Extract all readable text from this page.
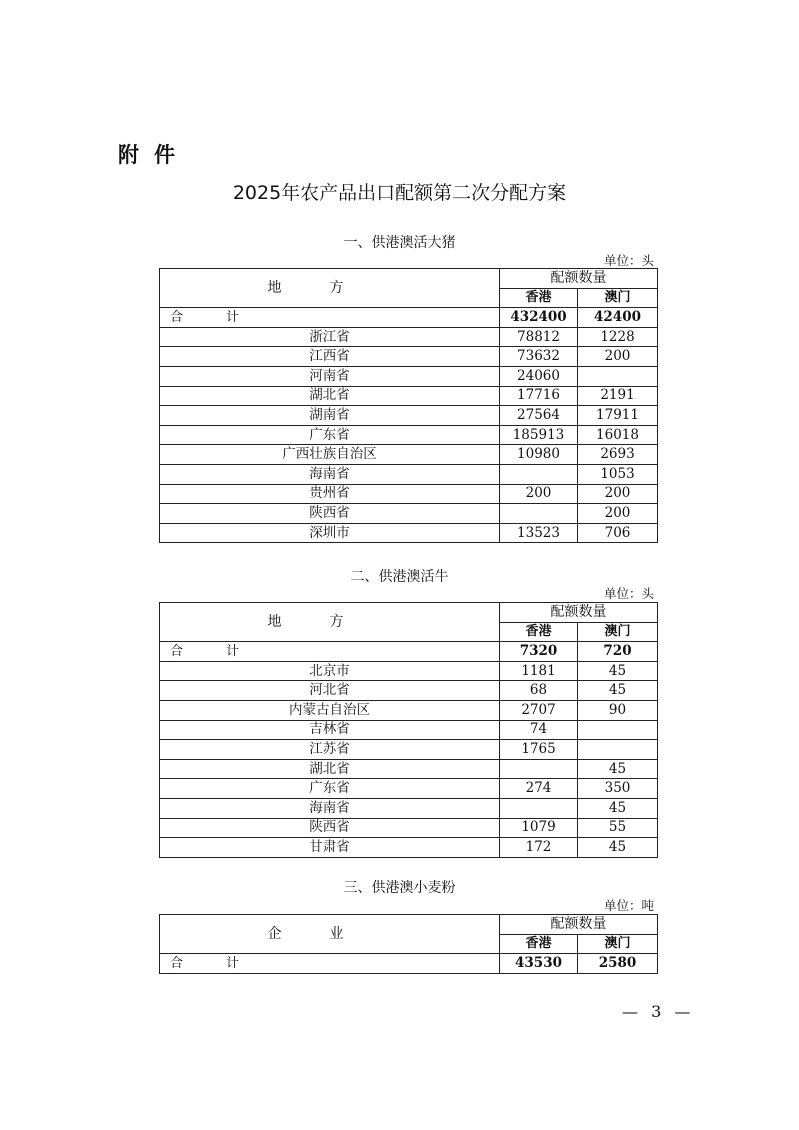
附件
2025年农产品出口配额第二次分配方案
一、供港澳活大猪
单位：头
地方	配额数量	
	香港	澳门
合 计	432400	42400
浙江省	78812	1228
江西省	73632	200
河南省	24060	
湖北省	17716	2191
湖南省	27564	17911
广东省	185913	16018
广西壮族自治区	10980	2693
海南省		1053
贵州省	200	200
陕西省		200
深圳市	13523	706
二、供港澳活牛
单位：头
地方	配额数量	
	香港	澳门
合 计	7320	720
北京市	1181	45
河北省	68	45
内蒙古自治区	2707	90
吉林省	74	
江苏省	1765	
湖北省		45
广东省	274	350
海南省		45
陕西省	1079	55
甘肃省	172	45
三、供港澳小麦粉
单位：吨
企业	配额数量	
	香港	澳门
合 计	43530	2580
— 3 —
